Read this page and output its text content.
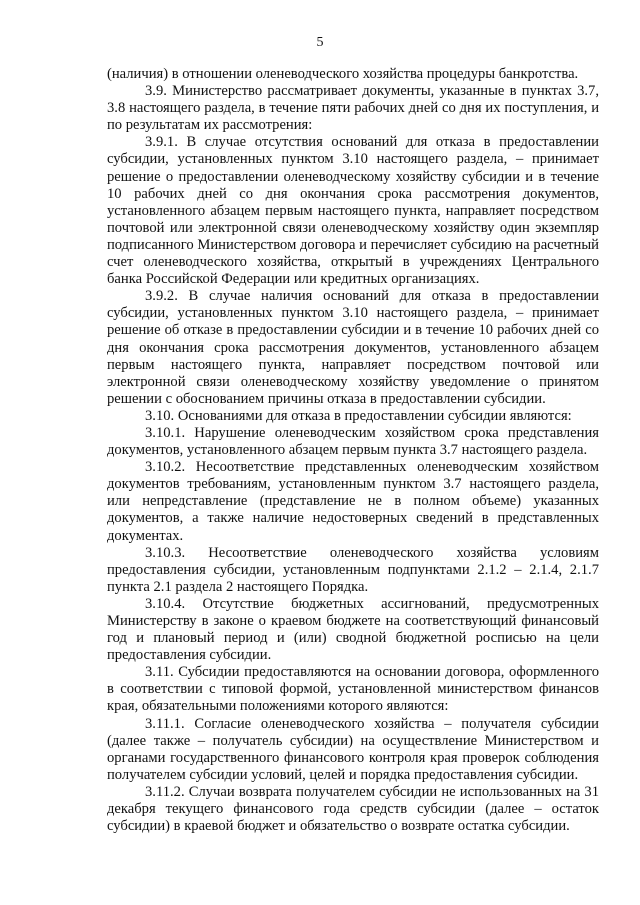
5

(наличия) в отношении оленеводческого хозяйства процедуры банкротства.

3.9. Министерство рассматривает документы, указанные в пунктах 3.7, 3.8 настоящего раздела, в течение пяти рабочих дней со дня их поступления, и по результатам их рассмотрения:

3.9.1. В случае отсутствия оснований для отказа в предоставлении субсидии, установленных пунктом 3.10 настоящего раздела, – принимает решение о предоставлении оленеводческому хозяйству субсидии и в течение 10 рабочих дней со дня окончания срока рассмотрения документов, установленного абзацем первым настоящего пункта, направляет посредством почтовой или электронной связи оленеводческому хозяйству один экземпляр подписанного Министерством договора и перечисляет субсидию на расчетный счет оленеводческого хозяйства, открытый в учреждениях Центрального банка Российской Федерации или кредитных организациях.

3.9.2. В случае наличия оснований для отказа в предоставлении субсидии, установленных пунктом 3.10 настоящего раздела, – принимает решение об отказе в предоставлении субсидии и в течение 10 рабочих дней со дня окончания срока рассмотрения документов, установленного абзацем первым настоящего пункта, направляет посредством почтовой или электронной связи оленеводческому хозяйству уведомление о принятом решении с обоснованием причины отказа в предоставлении субсидии.

3.10. Основаниями для отказа в предоставлении субсидии являются:

3.10.1. Нарушение оленеводческим хозяйством срока представления документов, установленного абзацем первым пункта 3.7 настоящего раздела.

3.10.2. Несоответствие представленных оленеводческим хозяйством документов требованиям, установленным пунктом 3.7 настоящего раздела, или непредставление (представление не в полном объеме) указанных документов, а также наличие недостоверных сведений в представленных документах.

3.10.3. Несоответствие оленеводческого хозяйства условиям предоставления субсидии, установленным подпунктами 2.1.2 – 2.1.4, 2.1.7 пункта 2.1 раздела 2 настоящего Порядка.

3.10.4. Отсутствие бюджетных ассигнований, предусмотренных Министерству в законе о краевом бюджете на соответствующий финансовый год и плановый период и (или) сводной бюджетной росписью на цели предоставления субсидии.

3.11. Субсидии предоставляются на основании договора, оформленного в соответствии с типовой формой, установленной министерством финансов края, обязательными положениями которого являются:

3.11.1. Согласие оленеводческого хозяйства – получателя субсидии (далее также – получатель субсидии) на осуществление Министерством и органами государственного финансового контроля края проверок соблюдения получателем субсидии условий, целей и порядка предоставления субсидии.

3.11.2. Случаи возврата получателем субсидии не использованных на 31 декабря текущего финансового года средств субсидии (далее – остаток субсидии) в краевой бюджет и обязательство о возврате остатка субсидии.
